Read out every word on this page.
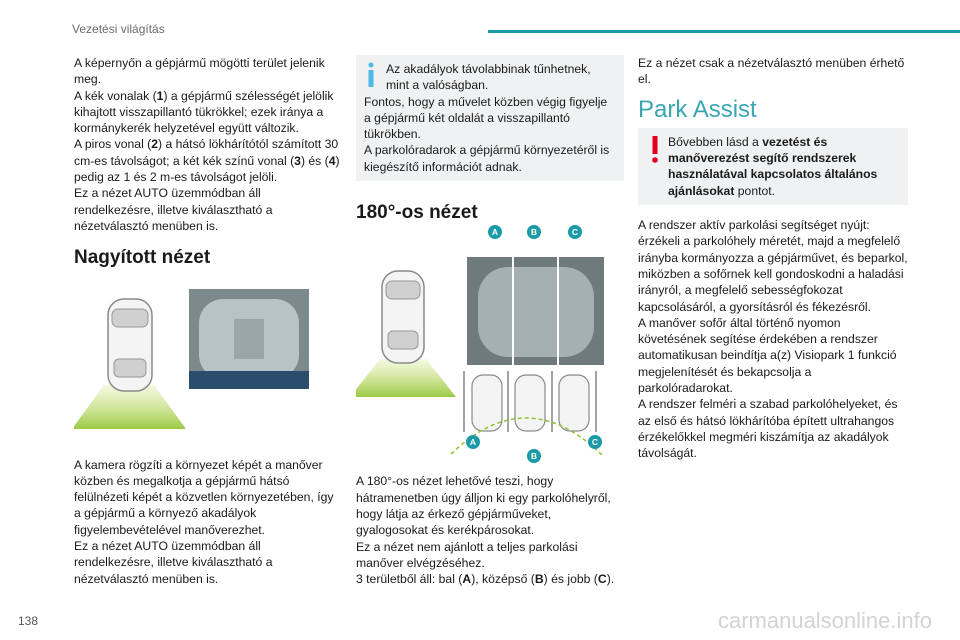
Vezetési világítás

A képernyőn a gépjármű mögötti terület jelenik meg.

A kék vonalak (1) a gépjármű szélességét jelölik kihajtott visszapillantó tükrökkel; ezek iránya a kormánykerék helyzetével együtt változik.

A piros vonal (2) a hátsó lökhárítótól számított 30 cm-es távolságot; a két kék színű vonal (3) és (4) pedig az 1 és 2 m-es távolságot jelöli.

Ez a nézet AUTO üzemmódban áll rendelkezésre, illetve kiválasztható a nézetválasztó menüben is.

Nagyított nézet

A kamera rögzíti a környezet képét a manőver közben és megalkotja a gépjármű hátsó felülnézeti képét a közvetlen környezetében, így a gépjármű a környező akadályok figyelembevételével manőverezhet.

Ez a nézet AUTO üzemmódban áll rendelkezésre, illetve kiválasztható a nézetválasztó menüben is.

Az akadályok távolabbinak tűnhetnek, mint a valóságban.

Fontos, hogy a művelet közben végig figyelje a gépjármű két oldalát a visszapillantó tükrökben.

A parkolóradarok a gépjármű környezetéről is kiegészítő információt adnak.

180°-os nézet
A	B	C
A
B
C

A 180°-os nézet lehetővé teszi, hogy hátramenetben úgy álljon ki egy parkolóhelyről, hogy látja az érkező gépjárműveket, gyalogosokat és kerékpárosokat.

Ez a nézet nem ajánlott a teljes parkolási manőver elvégzéséhez.

3 területből áll: bal (A), középső (B) és jobb (C).

Ez a nézet csak a nézetválasztó menüben érhető el.

Park Assist

Bővebben lásd a vezetést és manőverezést segítő rendszerek használatával kapcsolatos általános ajánlásokat pontot.

A rendszer aktív parkolási segítséget nyújt: érzékeli a parkolóhely méretét, majd a megfelelő irányba kormányozza a gépjárművet, és beparkol, miközben a sofőrnek kell gondoskodni a haladási irányról, a megfelelő sebességfokozat kapcsolásáról, a gyorsításról és fékezésről.

A manőver sofőr által történő nyomon követésének segítése érdekében a rendszer automatikusan beindítja a(z) Visiopark 1 funkció megjelenítését és bekapcsolja a parkolóradarokat.

A rendszer felméri a szabad parkolóhelyeket, és az első és hátsó lökhárítóba épített ultrahangos érzékelőkkel megméri kiszámítja az akadályok távolságát.

138	carmanualsonline.info
